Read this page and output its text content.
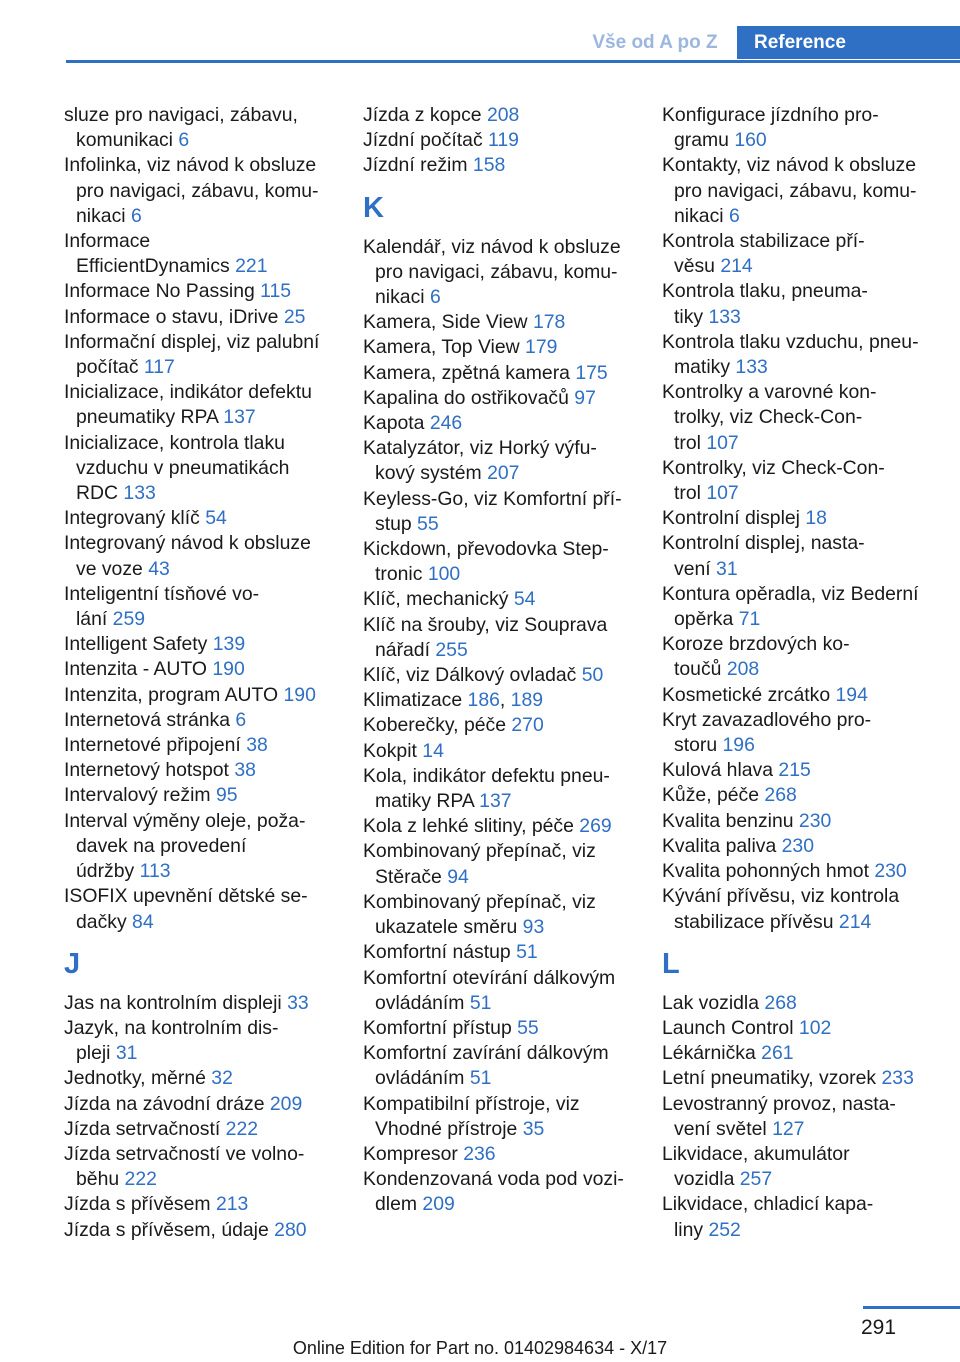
Vše od A po Z	Reference
sluze pro navigaci, zábavu,
komunikaci 6
Infolinka, viz návod k obsluze
pro navigaci, zábavu, komu‐
nikaci 6
Informace
EfficientDynamics 221
Informace No Passing 115
Informace o stavu, iDrive 25
Informační displej, viz palubní
počítač 117
Inicializace, indikátor defektu
pneumatiky RPA 137
Inicializace, kontrola tlaku
vzduchu v pneumatikách
RDC 133
Integrovaný klíč 54
Integrovaný návod k obsluze
ve voze 43
Inteligentní tísňové vo‐
lání 259
Intelligent Safety 139
Intenzita - AUTO 190
Intenzita, program AUTO 190
Internetová stránka 6
Internetové připojení 38
Internetový hotspot 38
Intervalový režim 95
Interval výměny oleje, poža‐
davek na provedení
údržby 113
ISOFIX upevnění dětské se‐
dačky 84
J
Jas na kontrolním displeji 33
Jazyk, na kontrolním dis‐
pleji 31
Jednotky, měrné 32
Jízda na závodní dráze 209
Jízda setrvačností 222
Jízda setrvačností ve volno‐
běhu 222
Jízda s přívěsem 213
Jízda s přívěsem, údaje 280
Jízda z kopce 208
Jízdní počítač 119
Jízdní režim 158
K
Kalendář, viz návod k obsluze
pro navigaci, zábavu, komu‐
nikaci 6
Kamera, Side View 178
Kamera, Top View 179
Kamera, zpětná kamera 175
Kapalina do ostřikovačů 97
Kapota 246
Katalyzátor, viz Horký výfu‐
kový systém 207
Keyless-Go, viz Komfortní pří‐
stup 55
Kickdown, převodovka Step‐
tronic 100
Klíč, mechanický 54
Klíč na šrouby, viz Souprava
nářadí 255
Klíč, viz Dálkový ovladač 50
Klimatizace 186, 189
Koberečky, péče 270
Kokpit 14
Kola, indikátor defektu pneu‐
matiky RPA 137
Kola z lehké slitiny, péče 269
Kombinovaný přepínač, viz
Stěrače 94
Kombinovaný přepínač, viz
ukazatele směru 93
Komfortní nástup 51
Komfortní otevírání dálkovým
ovládáním 51
Komfortní přístup 55
Komfortní zavírání dálkovým
ovládáním 51
Kompatibilní přístroje, viz
Vhodné přístroje 35
Kompresor 236
Kondenzovaná voda pod vozi‐
dlem 209
Konfigurace jízdního pro‐
gramu 160
Kontakty, viz návod k obsluze
pro navigaci, zábavu, komu‐
nikaci 6
Kontrola stabilizace pří‐
věsu 214
Kontrola tlaku, pneuma‐
tiky 133
Kontrola tlaku vzduchu, pneu‐
matiky 133
Kontrolky a varovné kon‐
trolky, viz Check-Con‐
trol 107
Kontrolky, viz Check-Con‐
trol 107
Kontrolní displej 18
Kontrolní displej, nasta‐
vení 31
Kontura opěradla, viz Bederní
opěrka 71
Koroze brzdových ko‐
toučů 208
Kosmetické zrcátko 194
Kryt zavazadlového pro‐
storu 196
Kulová hlava 215
Kůže, péče 268
Kvalita benzinu 230
Kvalita paliva 230
Kvalita pohonných hmot 230
Kývání přívěsu, viz kontrola
stabilizace přívěsu 214
L
Lak vozidla 268
Launch Control 102
Lékárnička 261
Letní pneumatiky, vzorek 233
Levostranný provoz, nasta‐
vení světel 127
Likvidace, akumulátor
vozidla 257
Likvidace, chladicí kapa‐
liny 252
291
Online Edition for Part no. 01402984634 - X/17
